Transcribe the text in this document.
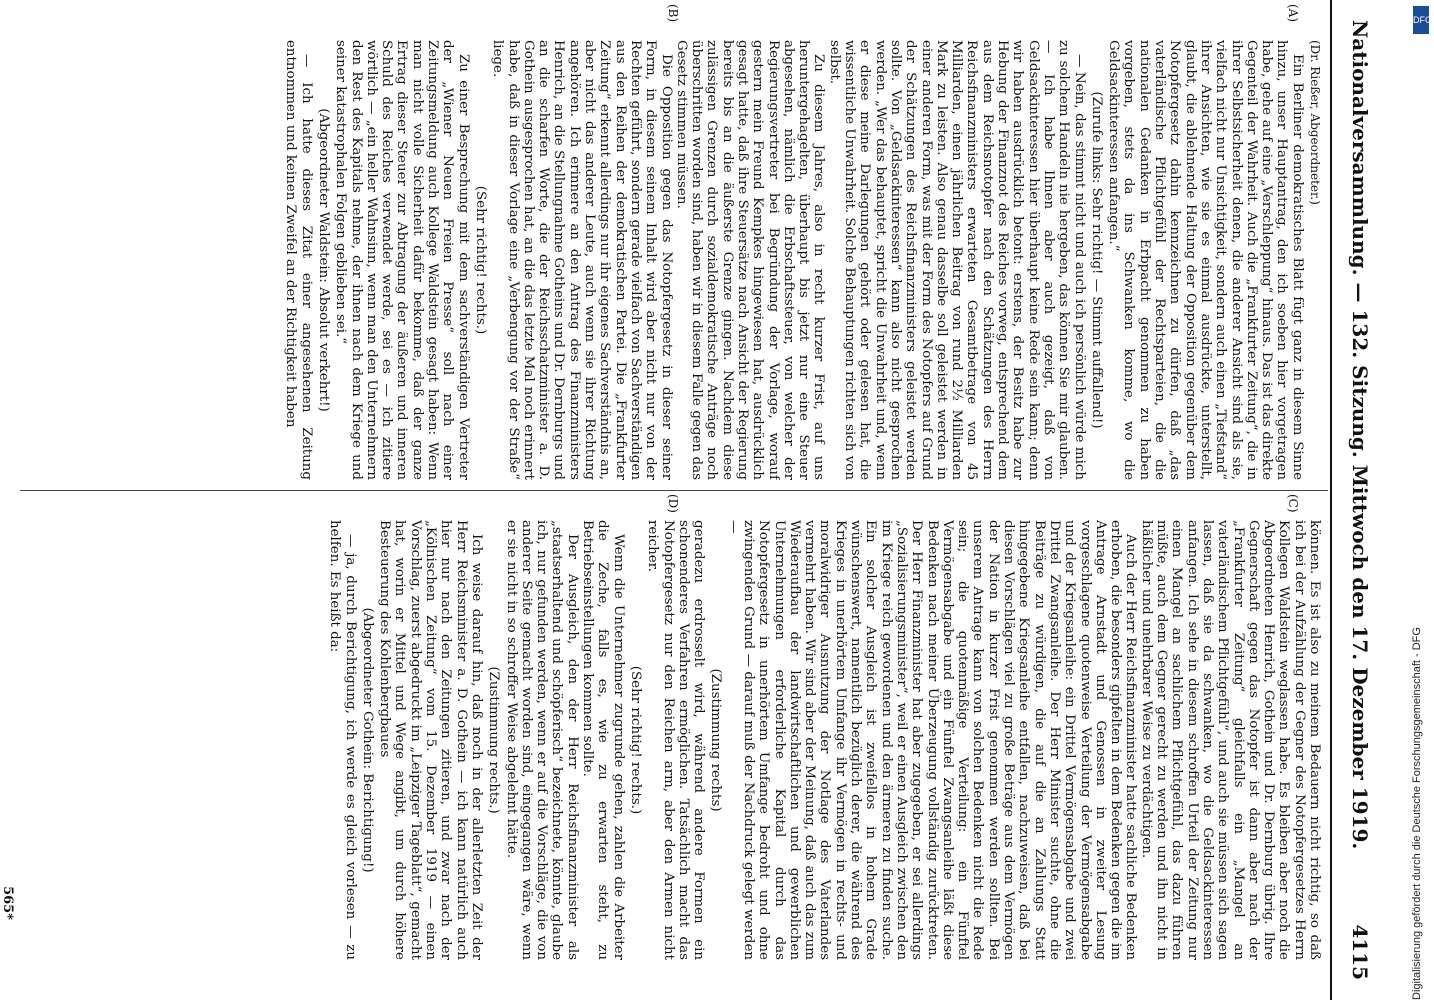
Nationalversammlung. — 132. Sitzung. Mittwoch den 17. Dezember 1919.
4115
(A)
(B)
(C)
(D)

(Dr. Rießer, Abgeordneter.)

Ein Berliner demokratisches Blatt fügt ganz in diesem Sinne hinzu, unser Hauptantrag, den ich soeben hier vorgetragen habe, gehe auf eine „Verschleppung“ hinaus. Das ist das direkte Gegenteil der Wahrheit. Auch die „Frankfurter Zeitung“, die in ihrer Selbstsicherheit denen, die anderer Ansicht sind als sie, vielfach nicht nur Unsichtigkeit, sondern auch einen „Tiefstand“ ihrer Ansichten, wie sie es einmal ausdrückte, unterstellt, glaubt, die ablehnende Haltung der Opposition gegenüber dem Notopfergesetz dahin kennzeichnen zu dürfen, daß „das vaterländische Pflichtgefühl der Rechtsparteien, die die nationalen Gedanken in Erbpacht genommen zu haben vorgeben, stets da ins Schwanken komme, wo die Geldsackinteressen anfangen.“

(Zurufe links: Sehr richtig! — Stimmt auffallend!)

— Nein, das stimmt nicht und auch ich persönlich würde mich zu solchem Handeln nie hergeben, das können Sie mir glauben. — Ich habe Ihnen aber auch gezeigt, daß von Geldsackinteressen hier überhaupt keine Rede sein kann; denn wir haben ausdrücklich betont: erstens, der Besitz habe zur Hebung der Finanznot des Reiches vorweg, entsprechend dem aus dem Reichsnotopfer nach den Schätzungen des Herrn Reichsfinanzministers erwarteten Gesamtbetrage von 45 Milliarden, einen jährlichen Beitrag von rund 2½ Milliarden Mark zu leisten. Also genau dasselbe soll geleistet werden in einer anderen Form, was mit der Form des Notopfers auf Grund der Schätzungen des Reichsfinanzministers geleistet werden sollte. Von „Geldsackinteressen“ kann also nicht gesprochen werden. „Wer das behauptet, spricht die Unwahrheit und, wenn er diese meine Darlegungen gehört oder gelesen hat, die wissentliche Unwahrheit. Solche Behauptungen richten sich von selbst.

Zu diesem Jahres, also in recht kurzer Frist, auf uns heruntergehagelten, überhaupt bis jetzt nur eine Steuer abgesehen, nämlich die Erbschaftssteuer, von welcher der Regierungsvertreter bei Begründung der Vorlage, worauf gestern mein Freund Kempkes hingewiesen hat, ausdrücklich gesagt hatte, daß ihre Steuersätze nach Ansicht der Regierung bereits bis an die äußerste Grenze gingen. Nachdem diese zulässigen Grenzen durch sozialdemokratische Anträge noch überschritten worden sind, haben wir in diesem Falle gegen das Gesetz stimmen müssen.

Die Opposition gegen das Notopfergesetz in dieser seiner Form, in diesem seinem Inhalt wird aber nicht nur von der Rechten geführt, sondern gerade vielfach von Sachverständigen aus den Reihen der demokratischen Partei. Die „Frankfurter Zeitung“ erkennt allerdings nur ihr eigenes Sachverständnis an, aber nicht das anderer Leute, auch wenn sie ihrer Richtung angehören. Ich erinnere an den Antrag des Finanzministers Henrich, an die Stellungnahme Gotheins und Dr. Dernburgs und an die scharfen Worte, die der Reichsschatzminister a. D. Gothein ausgesprochen hat, an die das letzte Mal noch erinnert habe, daß in dieser Vorlage eine „Verbengung vor der Straße“ liege.

(Sehr richtig! rechts.)

Zu einer Besprechung mit dem sachverständigen Vertreter der „Wiener Neuen Freien Presse“ soll nach einer Zeitungsmeldung auch Kollege Waldstein gesagt haben: Wenn man nicht volle Sicherheit dafür bekomme, daß der ganze Ertrag dieser Steuer zur Abtragung der äußeren und inneren Schuld des Reiches verwendet werde, sei es — ich zitiere wörtlich — „ein heller Wahnsinn, wenn man den Unternehmern den Rest des Kapitals nehme, der ihnen nach dem Kriege und seiner katastrophalen Folgen geblieben sei.“

(Abgeordneter Waldstein: Absolut verkehrt!)

— Ich hatte dieses Zitat einer angesehenen Zeitung entnommen und keinen Zweifel an der Richtigkeit haben

können. Es ist also zu meinem Bedauern nicht richtig, so daß ich bei der Aufzählung der Gegner des Notopfergesetzes Herrn Kollegen Waldstein weglassen habe. Es bleiben aber noch die Abgeordneten Henrich, Gothein und Dr. Dernburg übrig. Ihre Gegnerschaft gegen das Notopfer ist dann aber nach der „Frankfurter Zeitung“ gleichfalls ein „Mangel an vaterländischem Pflichtgefühl“, und auch sie müssen sich sagen lassen, daß sie da schwanken, wo die Geldsackinteressen anfangen. Ich sehe in diesem schroffen Urteil der Zeitung nur einen Mangel an sachlichem Pflichtgefühl, das dazu führen müßte, auch dem Gegner gerecht zu werden und ihn nicht in häßlicher und unehrbarer Weise zu verdächtigen.

Auch der Herr Reichsfinanzminister hatte sachliche Bedenken erhoben, die besonders gipfelten in dem Bedenken gegen die im Antrage Arnstadt und Genossen in zweiter Lesung vorgeschlagene quotenweise Verteilung der Vermögensabgabe und der Kriegsanleihe: ein Drittel Vermögensabgabe und zwei Drittel Zwangsanleihe. Der Herr Minister suchte, ohne die Beiträge zu würdigen, die auf die an Zahlungs Statt hingegebene Kriegsanleihe entfallen, nachzuweisen, daß bei diesen Vorschlägen viel zu große Beträge aus dem Vermögen der Nation in kurzer Frist genommen werden sollten. Bei unserem Antrage kann von solchen Bedenken nicht die Rede sein; die quotenmäßige Verteilung: ein Fünftel Vermögensabgabe und ein Fünftel Zwangsanleihe läßt diese Bedenken nach meiner Überzeugung vollständig zurücktreten. Der Herr Finanzminister hat aber zugegeben, er sei allerdings „Sozialisierungsminister“, weil er einen Ausgleich zwischen den im Kriege reich gewordenen und den ärmeren zu finden suche. Ein solcher Ausgleich ist zweifellos in hohem Grade wünschenswert, namentlich bezüglich derer, die während des Krieges in unerhörtem Umfange ihr Vermögen in rechts- und moralwidriger Ausnutzung der Notlage des Vaterlandes vermehrt haben. Wir sind aber der Meinung, daß auch das zum Wiederaufbau der landwirtschaftlichen und gewerblichen Unternehmungen erforderliche Kapital durch das Notopfergesetz in unerhörtem Umfange bedroht und ohne zwingenden Grund — darauf muß der Nachdruck gelegt werden —

(Zustimmung rechts)

geradezu erdrosselt wird, während andere Formen ein schonenderes Verfahren ermöglichen. Tatsächlich macht das Notopfergesetz nur den Reichen arm, aber den Armen nicht reicher.

(Sehr richtig! rechts.)

Wenn die Unternehmer zugrunde gehen, zahlen die Arbeiter die Zeche, falls es, wie zu erwarten steht, zu Betriebseinstellungen kommen sollte.

Der Ausgleich, den der Herr Reichsfinanzminister als „staatserhaltend und schöpferisch“ bezeichnete, könnte, glaube ich, nur gefunden werden, wenn er auf die Vorschläge, die von anderer Seite gemacht worden sind, eingegangen wäre, wenn er sie nicht in so schroffer Weise abgelehnt hätte.

(Zustimmung rechts.)

Ich weise darauf hin, daß noch in der allerletzten Zeit der Herr Reichsminister a. D. Gothein — ich kann natürlich auch hier nur nach den Zeitungen zitieren, und zwar nach der „Kölnischen Zeitung“ vom 15. Dezember 1919 — einen Vorschlag, zuerst abgedruckt im „Leipziger Tageblatt“, gemacht hat, worin er Mittel und Wege angibt, um durch höhere Besteuerung des Kohlenbergbaues

(Abgeordneter Gothein: Berichtigung!)

— ja, durch Berichtigung, ich werde es gleich vorlesen — zu helfen. Es heißt da:

565*
DFG
Digitalisierung gefördert durch die Deutsche Forschungsgemeinschaft - DFG
